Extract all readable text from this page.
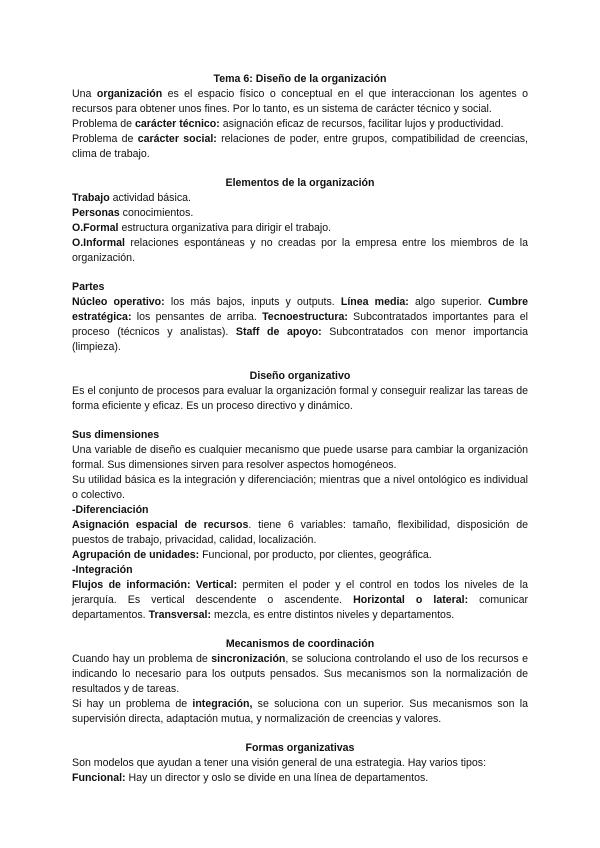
Tema 6: Diseño de la organización

Una organización es el espacio físico o conceptual en el que interaccionan los agentes o recursos para obtener unos fines. Por lo tanto, es un sistema de carácter técnico y social.

Problema de carácter técnico: asignación eficaz de recursos, facilitar lujos y productividad.

Problema de carácter social: relaciones de poder, entre grupos, compatibilidad de creencias, clima de trabajo.

Elementos de la organización

Trabajo actividad básica.

Personas conocimientos.

O.Formal estructura organizativa para dirigir el trabajo.

O.Informal relaciones espontáneas y no creadas por la empresa entre los miembros de la organización.

Partes

Núcleo operativo: los más bajos, inputs y outputs. Línea media: algo superior. Cumbre estratégica: los pensantes de arriba. Tecnoestructura: Subcontratados importantes para el proceso (técnicos y analistas). Staff de apoyo: Subcontratados con menor importancia (limpieza).

Diseño organizativo

Es el conjunto de procesos para evaluar la organización formal y conseguir realizar las tareas de forma eficiente y eficaz. Es un proceso directivo y dinámico.

Sus dimensiones

Una variable de diseño es cualquier mecanismo que puede usarse para cambiar la organización formal. Sus dimensiones sirven para resolver aspectos homogéneos.

Su utilidad básica es la integración y diferenciación; mientras que a nivel ontológico es individual o colectivo.

-Diferenciación

Asignación espacial de recursos. tiene 6 variables: tamaño, flexibilidad, disposición de puestos de trabajo, privacidad, calidad, localización.

Agrupación de unidades: Funcional, por producto, por clientes, geográfica.

-Integración

Flujos de información: Vertical: permiten el poder y el control en todos los niveles de la jerarquía. Es vertical descendente o ascendente. Horizontal o lateral: comunicar departamentos. Transversal: mezcla, es entre distintos niveles y departamentos.

Mecanismos de coordinación

Cuando hay un problema de sincronización, se soluciona controlando el uso de los recursos e indicando lo necesario para los outputs pensados. Sus mecanismos son la normalización de resultados y de tareas.

Si hay un problema de integración, se soluciona con un superior. Sus mecanismos son la supervisión directa, adaptación mutua, y normalización de creencias y valores.

Formas organizativas

Son modelos que ayudan a tener una visión general de una estrategia. Hay varios tipos:

Funcional: Hay un director y oslo se divide en una línea de departamentos.
